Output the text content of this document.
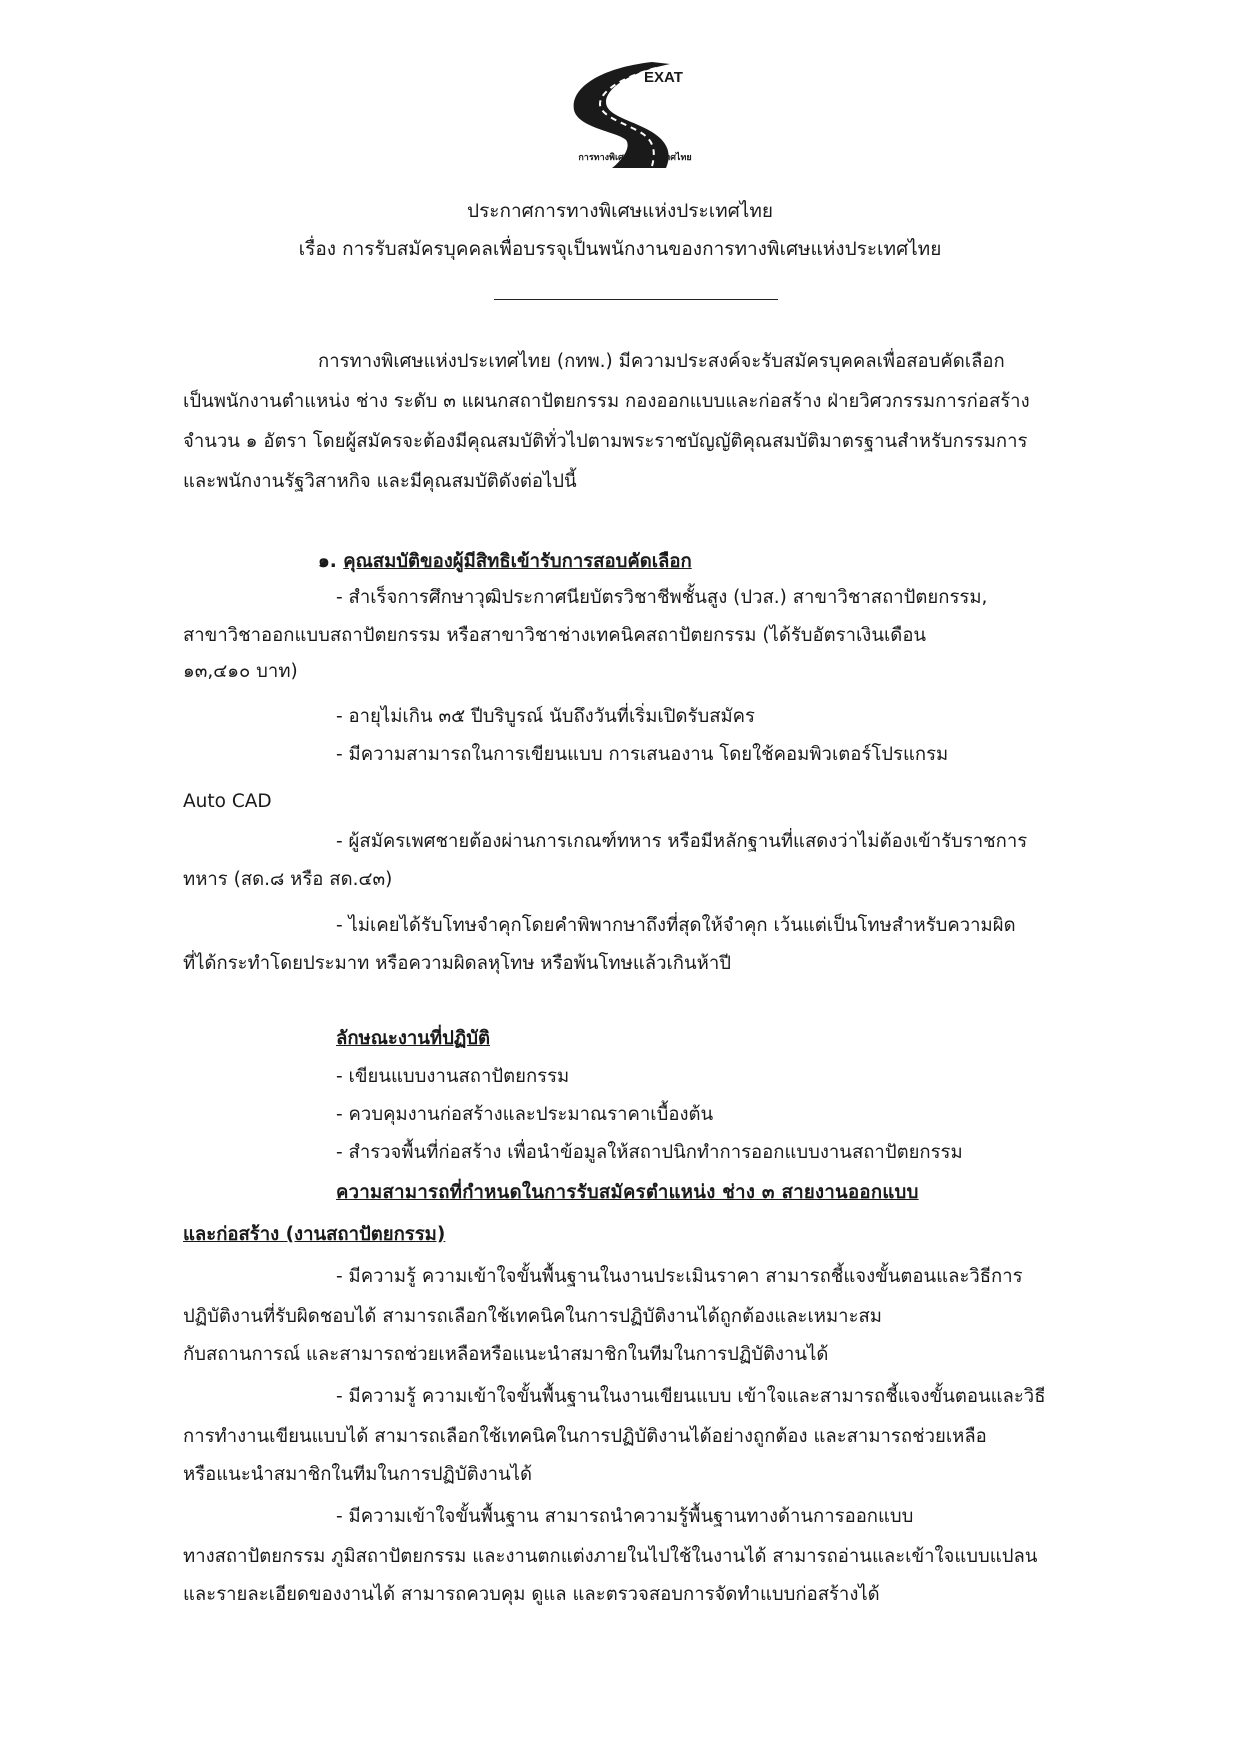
EXAT
การทางพิเศษแห่งประเทศไทย
ประกาศการทางพิเศษแห่งประเทศไทย
เรื่อง การรับสมัครบุคคลเพื่อบรรจุเป็นพนักงานของการทางพิเศษแห่งประเทศไทย
การทางพิเศษแห่งประเทศไทย (กทพ.) มีความประสงค์จะรับสมัครบุคคลเพื่อสอบคัดเลือก
เป็นพนักงานตำแหน่ง ช่าง ระดับ ๓ แผนกสถาปัตยกรรม กองออกแบบและก่อสร้าง ฝ่ายวิศวกรรมการก่อสร้าง
จำนวน ๑ อัตรา โดยผู้สมัครจะต้องมีคุณสมบัติทั่วไปตามพระราชบัญญัติคุณสมบัติมาตรฐานสำหรับกรรมการ
และพนักงานรัฐวิสาหกิจ และมีคุณสมบัติดังต่อไปนี้
๑. คุณสมบัติของผู้มีสิทธิเข้ารับการสอบคัดเลือก
- สำเร็จการศึกษาวุฒิประกาศนียบัตรวิชาชีพชั้นสูง (ปวส.) สาขาวิชาสถาปัตยกรรม,
สาขาวิชาออกแบบสถาปัตยกรรม หรือสาขาวิชาช่างเทคนิคสถาปัตยกรรม (ได้รับอัตราเงินเดือน
๑๓,๔๑๐ บาท)
- อายุไม่เกิน ๓๕ ปีบริบูรณ์ นับถึงวันที่เริ่มเปิดรับสมัคร
- มีความสามารถในการเขียนแบบ การเสนองาน โดยใช้คอมพิวเตอร์โปรแกรม
Auto CAD
- ผู้สมัครเพศชายต้องผ่านการเกณฑ์ทหาร หรือมีหลักฐานที่แสดงว่าไม่ต้องเข้ารับราชการ
ทหาร (สด.๘ หรือ สด.๔๓)
- ไม่เคยได้รับโทษจำคุกโดยคำพิพากษาถึงที่สุดให้จำคุก เว้นแต่เป็นโทษสำหรับความผิด
ที่ได้กระทำโดยประมาท หรือความผิดลหุโทษ หรือพ้นโทษแล้วเกินห้าปี
ลักษณะงานที่ปฏิบัติ
- เขียนแบบงานสถาปัตยกรรม
- ควบคุมงานก่อสร้างและประมาณราคาเบื้องต้น
- สำรวจพื้นที่ก่อสร้าง เพื่อนำข้อมูลให้สถาปนิกทำการออกแบบงานสถาปัตยกรรม
ความสามารถที่กำหนดในการรับสมัครตำแหน่ง ช่าง ๓ สายงานออกแบบ
และก่อสร้าง (งานสถาปัตยกรรม)
- มีความรู้ ความเข้าใจขั้นพื้นฐานในงานประเมินราคา สามารถชี้แจงขั้นตอนและวิธีการ
ปฏิบัติงานที่รับผิดชอบได้ สามารถเลือกใช้เทคนิคในการปฏิบัติงานได้ถูกต้องและเหมาะสม
กับสถานการณ์ และสามารถช่วยเหลือหรือแนะนำสมาชิกในทีมในการปฏิบัติงานได้
- มีความรู้ ความเข้าใจขั้นพื้นฐานในงานเขียนแบบ เข้าใจและสามารถชี้แจงขั้นตอนและวิธี
การทำงานเขียนแบบได้ สามารถเลือกใช้เทคนิคในการปฏิบัติงานได้อย่างถูกต้อง และสามารถช่วยเหลือ
หรือแนะนำสมาชิกในทีมในการปฏิบัติงานได้
- มีความเข้าใจขั้นพื้นฐาน สามารถนำความรู้พื้นฐานทางด้านการออกแบบ
ทางสถาปัตยกรรม ภูมิสถาปัตยกรรม และงานตกแต่งภายในไปใช้ในงานได้ สามารถอ่านและเข้าใจแบบแปลน
และรายละเอียดของงานได้ สามารถควบคุม ดูแล และตรวจสอบการจัดทำแบบก่อสร้างได้
